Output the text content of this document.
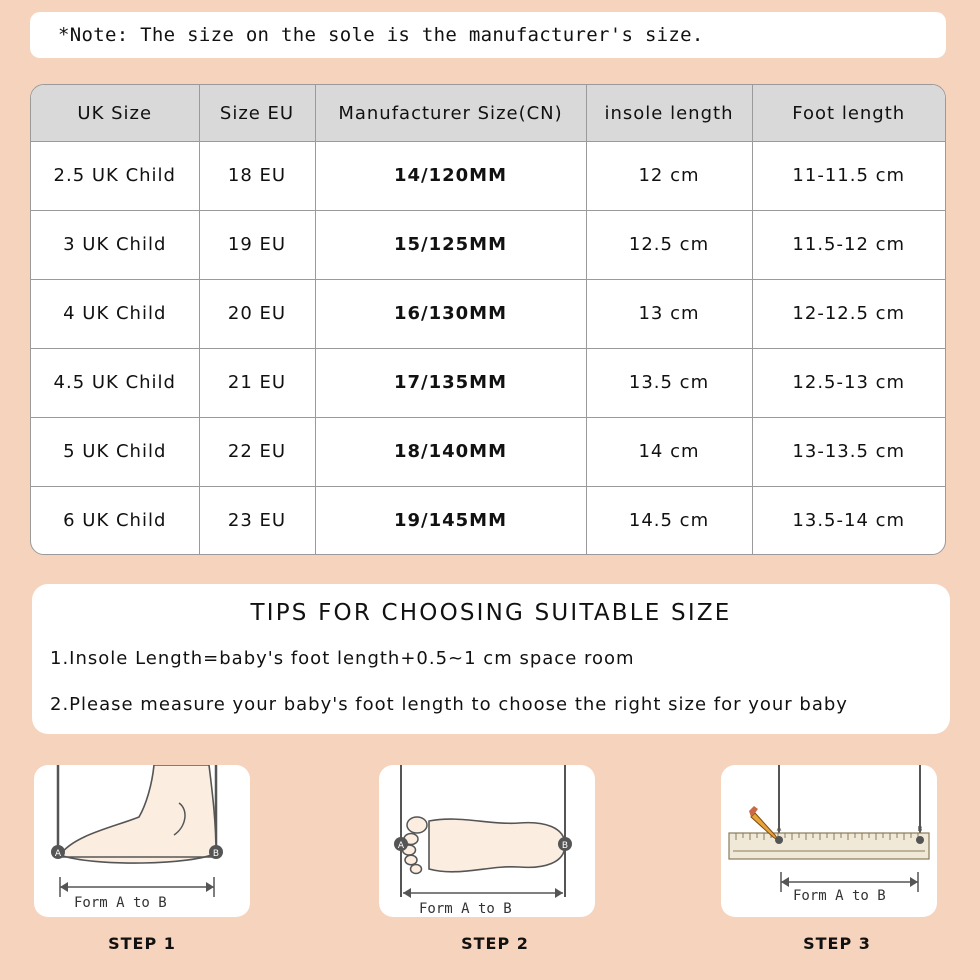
*Note: The size on the sole is the manufacturer's size.
UK Size	Size EU	Manufacturer Size(CN)	insole length	Foot length
2.5 UK Child	18 EU	14/120MM	12 cm	11-11.5 cm
3 UK Child	19 EU	15/125MM	12.5 cm	11.5-12 cm
4 UK Child	20 EU	16/130MM	13 cm	12-12.5 cm
4.5 UK Child	21 EU	17/135MM	13.5 cm	12.5-13 cm
5 UK Child	22 EU	18/140MM	14 cm	13-13.5 cm
6 UK Child	23 EU	19/145MM	14.5 cm	13.5-14 cm
TIPS FOR CHOOSING SUITABLE SIZE
1.Insole Length=baby's foot length+0.5~1 cm space room
2.Please measure your baby's foot length to choose the right size for your baby
A	B
Form A to B
STEP 1
A	B
Form A to B
STEP 2
A	B
Form A to B
STEP 3
